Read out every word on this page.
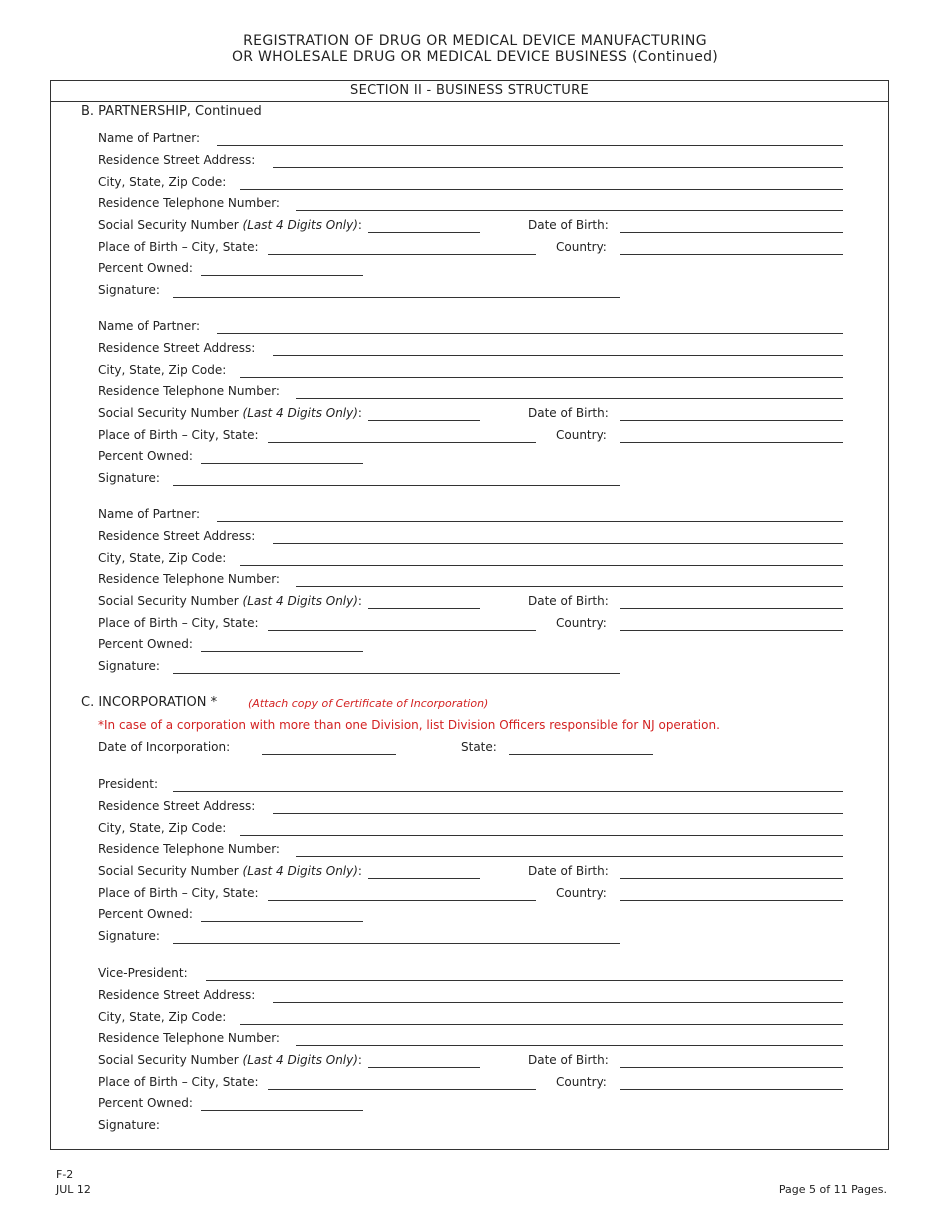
REGISTRATION OF DRUG OR MEDICAL DEVICE MANUFACTURING
OR WHOLESALE DRUG OR MEDICAL DEVICE BUSINESS (Continued)
SECTION II - BUSINESS STRUCTURE
B. PARTNERSHIP, Continued
Name of Partner:
Residence Street Address:
City, State, Zip Code:
Residence Telephone Number:
Social Security Number (Last 4 Digits Only):	Date of Birth:
Place of Birth – City, State:	Country:
Percent Owned:
Signature:
Name of Partner:
Residence Street Address:
City, State, Zip Code:
Residence Telephone Number:
Social Security Number (Last 4 Digits Only):	Date of Birth:
Place of Birth – City, State:	Country:
Percent Owned:
Signature:
Name of Partner:
Residence Street Address:
City, State, Zip Code:
Residence Telephone Number:
Social Security Number (Last 4 Digits Only):	Date of Birth:
Place of Birth – City, State:	Country:
Percent Owned:
Signature:
President:
Residence Street Address:
City, State, Zip Code:
Residence Telephone Number:
Social Security Number (Last 4 Digits Only):	Date of Birth:
Place of Birth – City, State:	Country:
Percent Owned:
Signature:
Vice-President:
Residence Street Address:
City, State, Zip Code:
Residence Telephone Number:
Social Security Number (Last 4 Digits Only):	Date of Birth:
Place of Birth – City, State:	Country:
Percent Owned:
Signature:
C. INCORPORATION *	(Attach copy of Certificate of Incorporation)
*In case of a corporation with more than one Division, list Division Officers responsible for NJ operation.
Date of Incorporation:	State:
F-2
JUL 12	Page 5 of 11 Pages.
